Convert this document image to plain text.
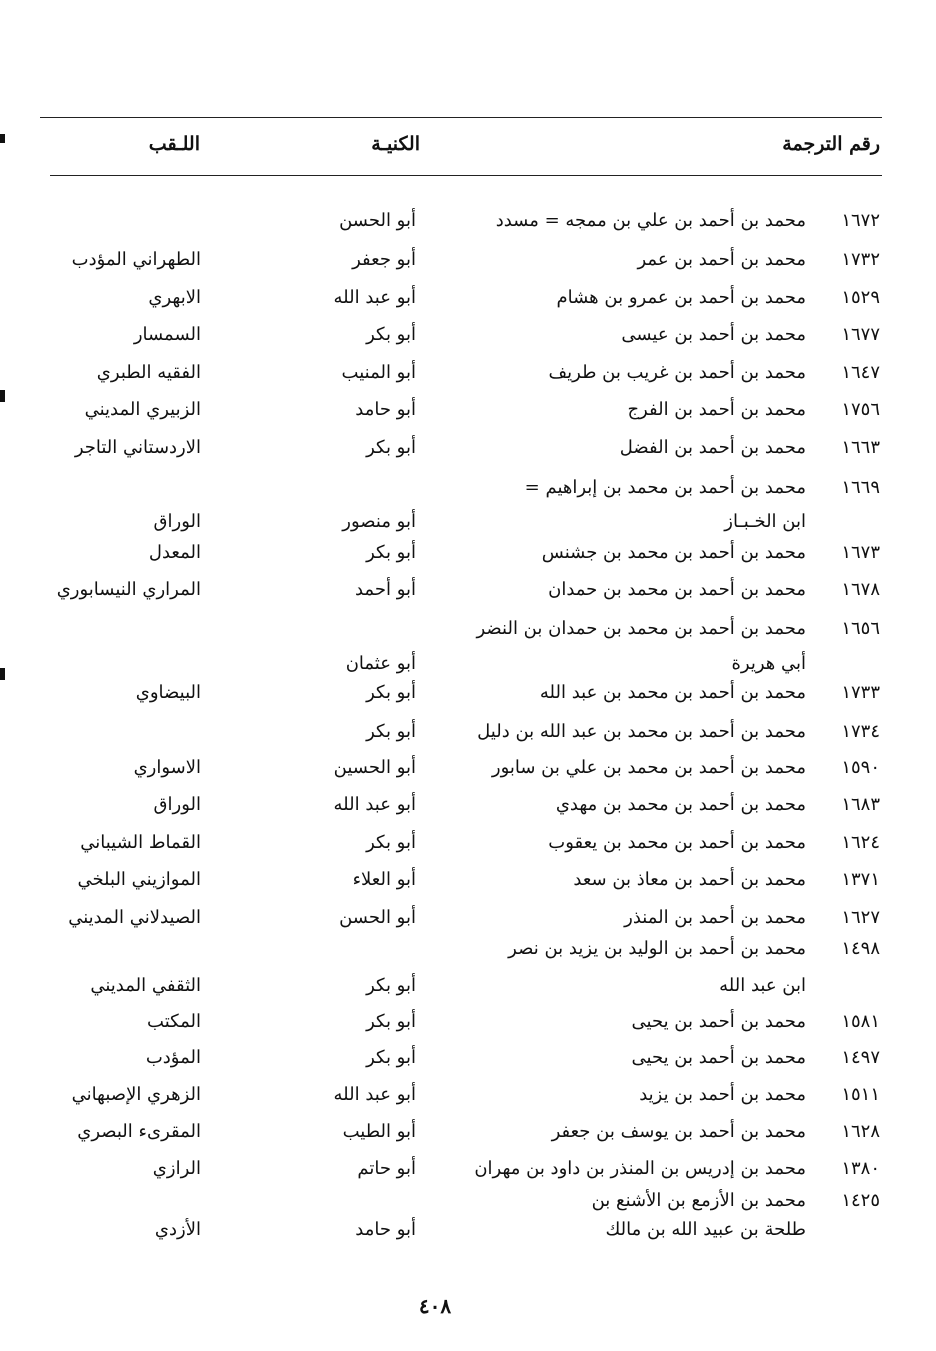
رقم الترجمة
الكنيـة
اللـقب
١٦٧٢
محمد بن أحمد بن علي بن ممجه = مسدد
أبو الحسن
١٧٣٢
محمد بن أحمد بن عمر
أبو جعفر
الطهراني المؤدب
١٥٢٩
محمد بن أحمد بن عمرو بن هشام
أبو عبد الله
الابهري
١٦٧٧
محمد بن أحمد بن عيسى
أبو بكر
السمسار
١٦٤٧
محمد بن أحمد بن غريب بن طريف
أبو المنيب
الفقيه الطبري
١٧٥٦
محمد بن أحمد بن الفرج
أبو حامد
الزبيري المديني
١٦٦٣
محمد بن أحمد بن الفضل
أبو بكر
الاردستاني التاجر
١٦٦٩
محمد بن أحمد بن محمد بن إبراهيم =
ابن الخـبـاز
أبو منصور
الوراق
١٦٧٣
محمد بن أحمد بن محمد بن جشنس
أبو بكر
المعدل
١٦٧٨
محمد بن أحمد بن محمد بن حمدان
أبو أحمد
المراري النيسابوري
١٦٥٦
محمد بن أحمد بن محمد بن حمدان بن النضر
أبي هريرة
أبو عثمان
١٧٣٣
محمد بن أحمد بن محمد بن عبد الله
أبو بكر
البيضاوي
١٧٣٤
محمد بن أحمد بن محمد بن عبد الله بن دليل
أبو بكر
١٥٩٠
محمد بن أحمد بن محمد بن علي بن سابور
أبو الحسين
الاسواري
١٦٨٣
محمد بن أحمد بن محمد بن مهدي
أبو عبد الله
الوراق
١٦٢٤
محمد بن أحمد بن محمد بن يعقوب
أبو بكر
القماط الشيباني
١٣٧١
محمد بن أحمد بن معاذ بن سعد
أبو العلاء
الموازيني البلخي
١٦٢٧
محمد بن أحمد بن المنذر
أبو الحسن
الصيدلاني المديني
١٤٩٨
محمد بن أحمد بن الوليد بن يزيد بن نصر
ابن عبد الله
أبو بكر
الثقفي المديني
١٥٨١
محمد بن أحمد بن يحيى
أبو بكر
المكتب
١٤٩٧
محمد بن أحمد بن يحيى
أبو بكر
المؤدب
١٥١١
محمد بن أحمد بن يزيد
أبو عبد الله
الزهري الإصبهاني
١٦٢٨
محمد بن أحمد بن يوسف بن جعفر
أبو الطيب
المقرىء البصري
١٣٨٠
محمد بن إدريس بن المنذر بن داود بن مهران
أبو حاتم
الرازي
١٤٢٥
محمد بن الأزمع بن الأشنع بن
طلحة بن عبيد الله بن مالك
أبو حامد
الأزدي
٤٠٨
